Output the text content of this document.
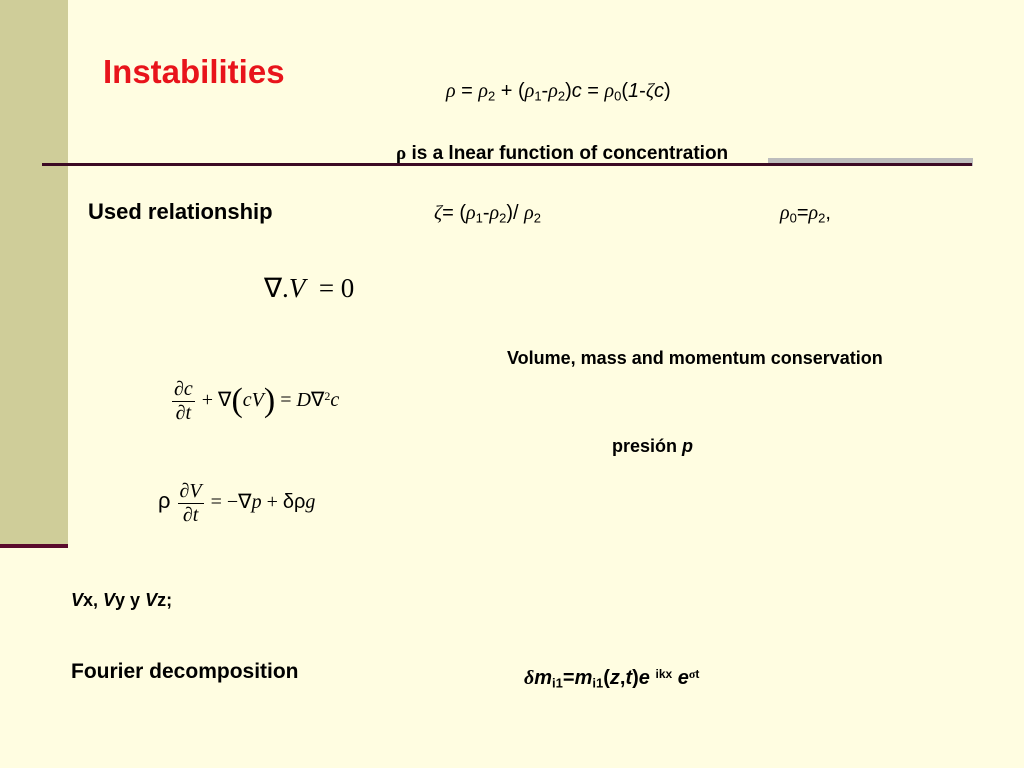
Instabilities
$\rho = \rho_2 + (\rho_1-\rho_2)c = \rho_0(1-\zeta c)$
ρ is a lnear function of concentration
Used relationship	$\zeta= (\rho_1-\rho_2)/$ $\rho_2$	$\rho_0=\rho_2$,
∇.V  = 0
Volume, mass and momentum conservation
$\frac{\partial c}{\partial t} + \nabla(cV) = D\nabla^2c$
presión p
ρ $\frac{\partial V}{\partial t} = -\nabla p + \delta\rho g$
Vx, Vy y Vz;
Fourier decomposition	$\delta m_{i1}=m_{i1}(z,t)e$ $^{ikx}$ $e^{\sigma t}$
